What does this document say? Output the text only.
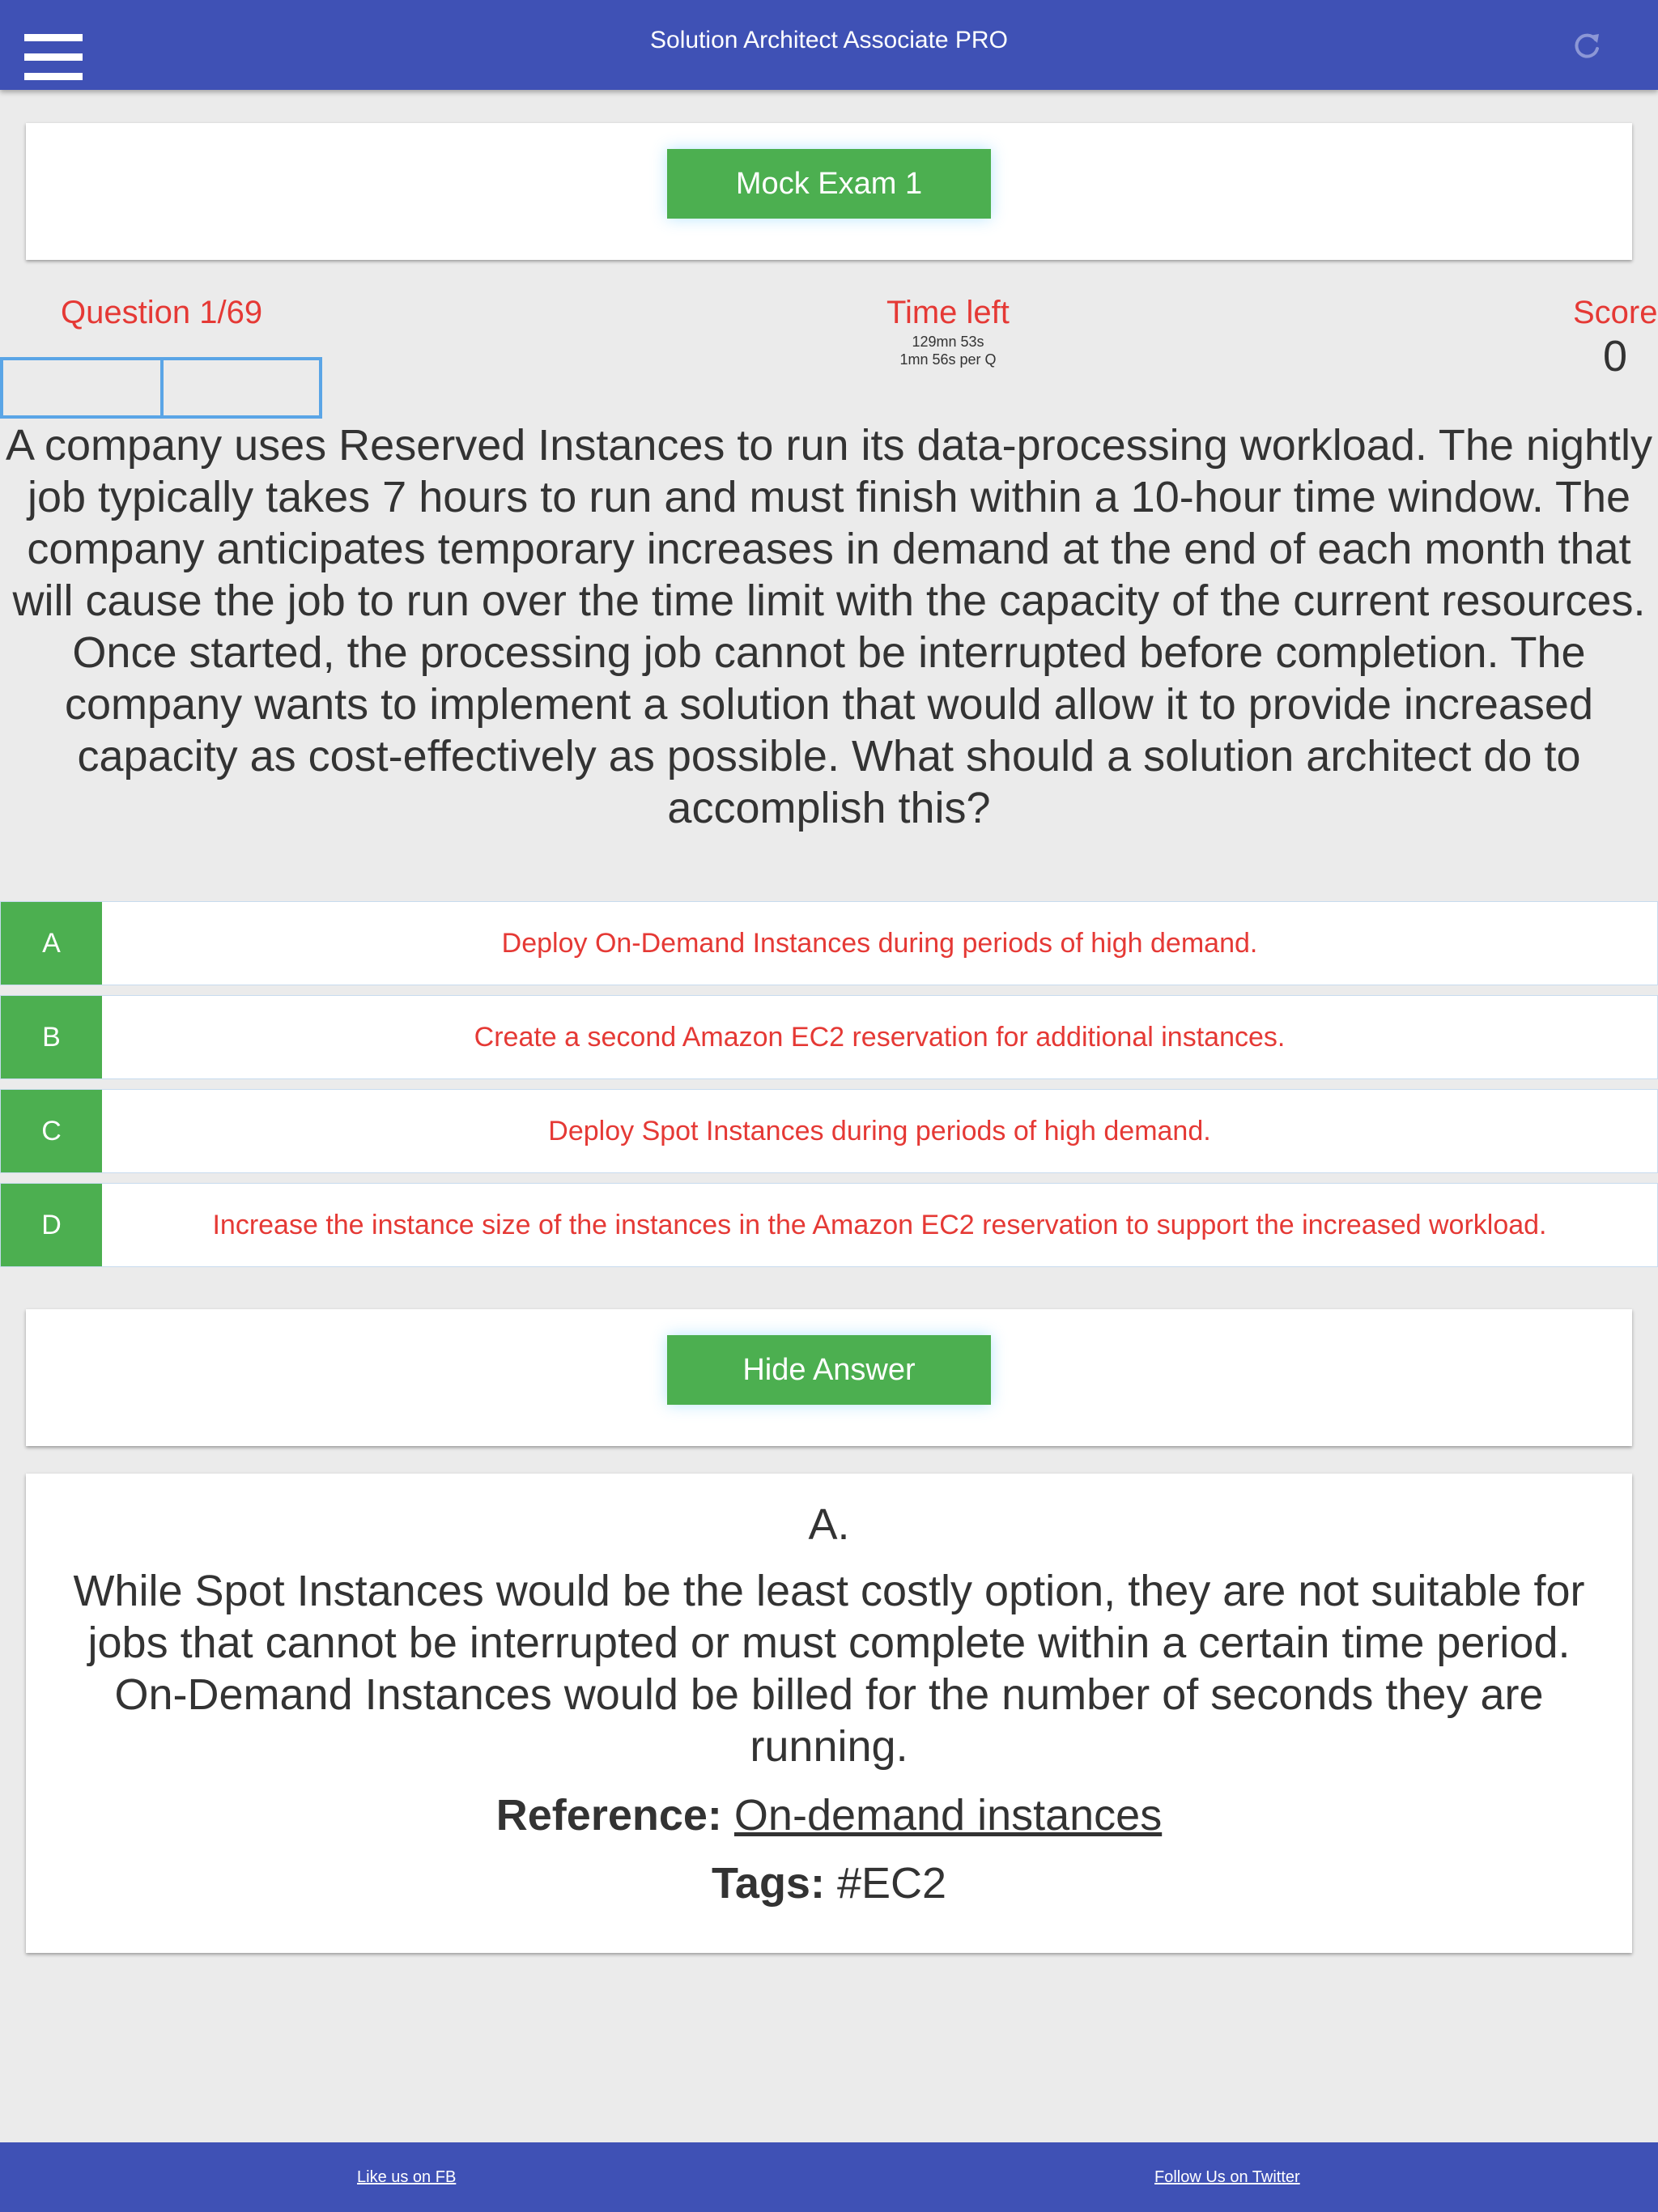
Solution Architect Associate PRO
Mock Exam 1
Question 1/69	Time left
129mn 53s
1mn 56s per Q
Score
0
A company uses Reserved Instances to run its data-processing workload. The nightly job typically takes 7 hours to run and must finish within a 10-hour time window. The company anticipates temporary increases in demand at the end of each month that will cause the job to run over the time limit with the capacity of the current resources. Once started, the processing job cannot be interrupted before completion. The company wants to implement a solution that would allow it to provide increased capacity as cost-effectively as possible. What should a solution architect do to accomplish this?
A	Deploy On-Demand Instances during periods of high demand.
B	Create a second Amazon EC2 reservation for additional instances.
C	Deploy Spot Instances during periods of high demand.
D	Increase the instance size of the instances in the Amazon EC2 reservation to support the increased workload.
Hide Answer
A.
While Spot Instances would be the least costly option, they are not suitable for jobs that cannot be interrupted or must complete within a certain time period. On-Demand Instances would be billed for the number of seconds they are running.
Reference: On-demand instances
Tags: #EC2
Like us on FB	Follow Us on Twitter
